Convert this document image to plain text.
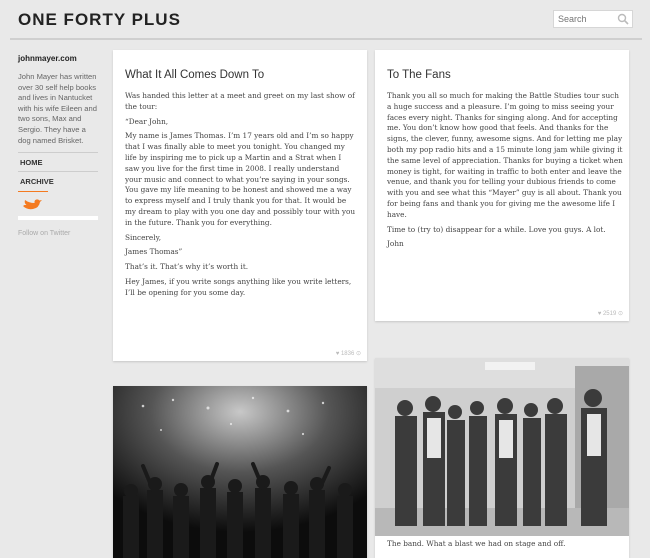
ONE FORTY PLUS
Search
johnmayer.com
John Mayer has written over 30 self help books and lives in Nantucket with his wife Eileen and two sons, Max and Sergio. They have a dog named Brisket.
HOME
ARCHIVE
Follow on Twitter
What It All Comes Down To

Was handed this letter at a meet and greet on my last show of the tour:

“Dear John,

My name is James Thomas. I’m 17 years old and I’m so happy that I was finally able to meet you tonight. You changed my life by inspiring me to pick up a Martin and a Strat when I saw you live for the first time in 2008. I really understand your music and connect to what you’re saying in your songs. You gave my life meaning to be honest and showed me a way to express myself and I truly thank you for that. It would be my dream to play with you one day and possibly tour with you in the future. Thank you for everything.

Sincerely,

James Thomas”

That’s it. That’s why it’s worth it.

Hey James, if you write songs anything like you write letters, I’ll be opening for you some day.

♥ 1836 ⊙
To The Fans

Thank you all so much for making the Battle Studies tour such a huge success and a pleasure. I’m going to miss seeing your faces every night. Thanks for singing along. And for accepting me. You don’t know how good that feels. And thanks for the signs, the clever, funny, awesome signs. And for letting me play both my pop radio hits and a 15 minute long jam while giving it the same level of appreciation. Thanks for buying a ticket when money is tight, for waiting in traffic to both enter and leave the venue, and thank you for telling your dubious friends to come with you and see what this “Mayer” guy is all about. Thank you for being fans and thank you for giving me the awesome life I have.

Time to (try to) disappear for a while. Love you guys. A lot.

John

♥ 2519 ⊙
The band. What a blast we had on stage and off.
